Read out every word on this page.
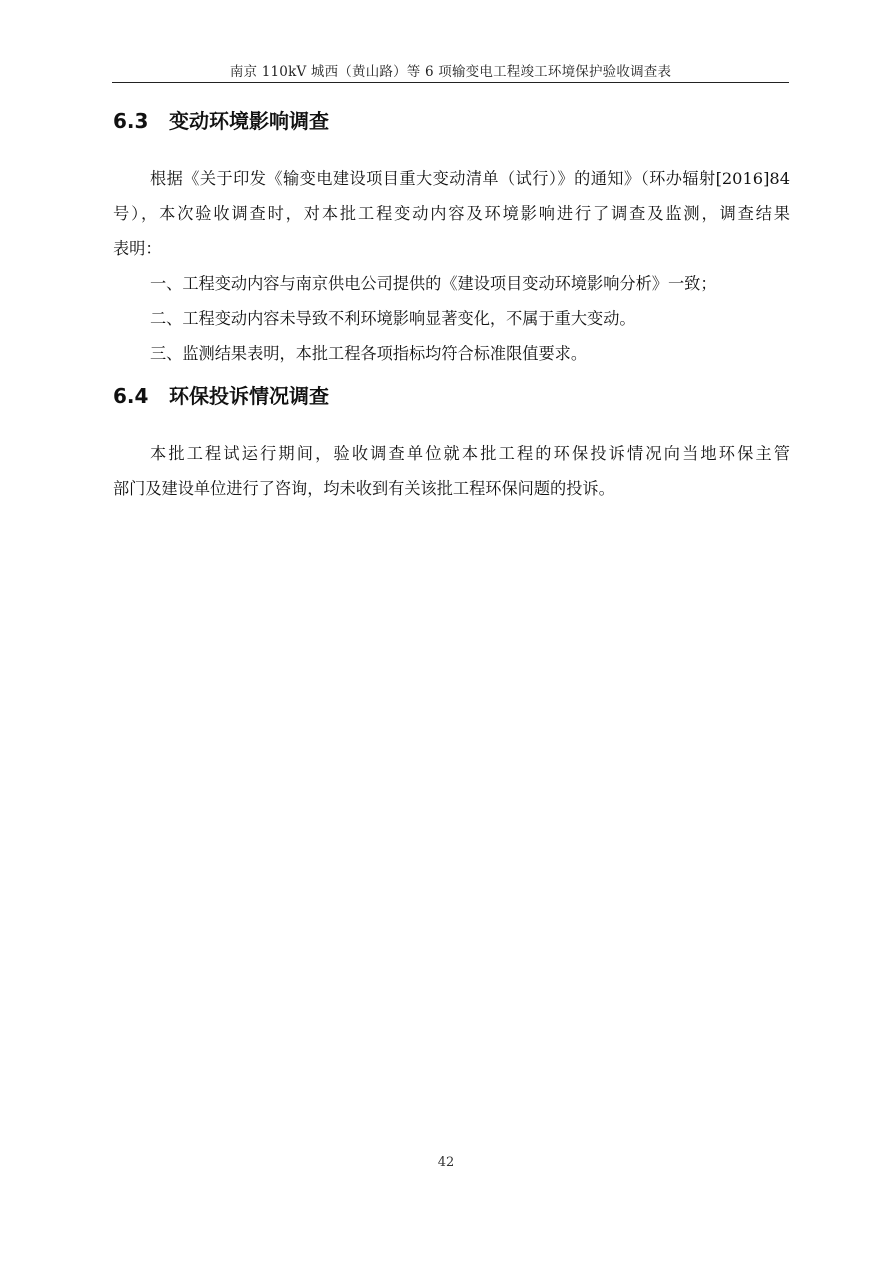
南京 110kV 城西（黄山路）等 6 项输变电工程竣工环境保护验收调查表
6.3 变动环境影响调查
根据《关于印发《输变电建设项目重大变动清单（试行）》的通知》（环办辐射[2016]84
号），本次验收调查时，对本批工程变动内容及环境影响进行了调查及监测，调查结果
表明：
一、工程变动内容与南京供电公司提供的《建设项目变动环境影响分析》一致；
二、工程变动内容未导致不利环境影响显著变化，不属于重大变动。
三、监测结果表明，本批工程各项指标均符合标准限值要求。
6.4 环保投诉情况调查
本批工程试运行期间，验收调查单位就本批工程的环保投诉情况向当地环保主管
部门及建设单位进行了咨询，均未收到有关该批工程环保问题的投诉。
42
